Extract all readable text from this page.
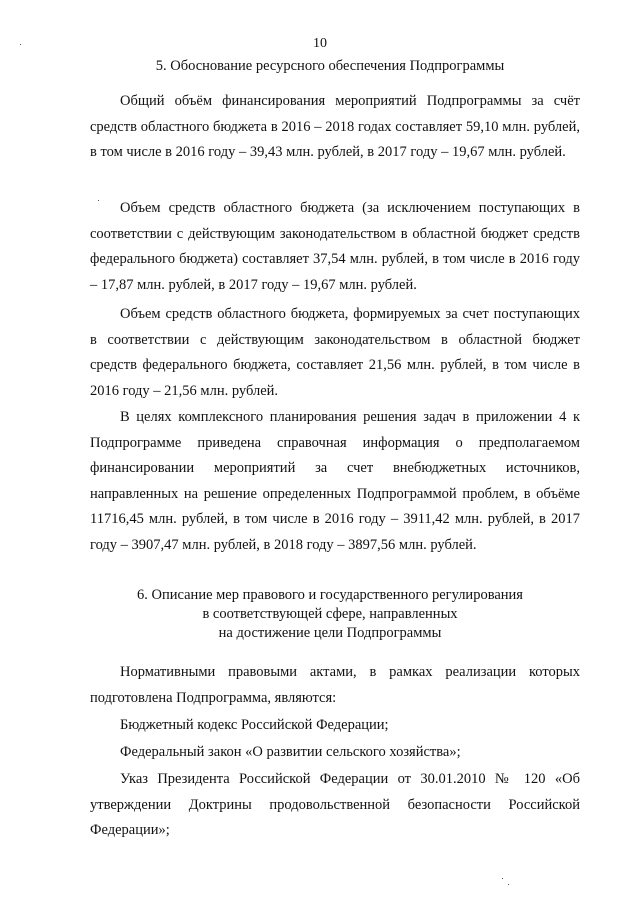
10
5. Обоснование ресурсного обеспечения Подпрограммы

Общий объём финансирования мероприятий Подпрограммы за счёт средств областного бюджета в 2016 – 2018 годах составляет 59,10 млн. рублей, в том числе в 2016 году – 39,43 млн. рублей, в 2017 году – 19,67 млн. рублей.

Объем средств областного бюджета (за исключением поступающих в соответствии с действующим законодательством в областной бюджет средств федерального бюджета) составляет 37,54 млн. рублей, в том числе в 2016 году – 17,87 млн. рублей, в 2017 году – 19,67 млн. рублей.

Объем средств областного бюджета, формируемых за счет поступающих в соответствии с действующим законодательством в областной бюджет средств федерального бюджета, составляет 21,56 млн. рублей, в том числе в 2016 году – 21,56 млн. рублей.

В целях комплексного планирования решения задач в приложении 4 к Подпрограмме приведена справочная информация о предполагаемом финансировании мероприятий за счет внебюджетных источников, направленных на решение определенных Подпрограммой проблем, в объёме 11716,45 млн. рублей, в том числе в 2016 году – 3911,42 млн. рублей, в 2017 году – 3907,47 млн. рублей, в 2018 году – 3897,56 млн. рублей.

6. Описание мер правового и государственного регулирования
в соответствующей сфере, направленных
на достижение цели Подпрограммы

Нормативными правовыми актами, в рамках реализации которых подготовлена Подпрограмма, являются:

Бюджетный кодекс Российской Федерации;

Федеральный закон «О развитии сельского хозяйства»;

Указ Президента Российской Федерации от 30.01.2010 № 120 «Об утверждении Доктрины продовольственной безопасности Российской Федерации»;
